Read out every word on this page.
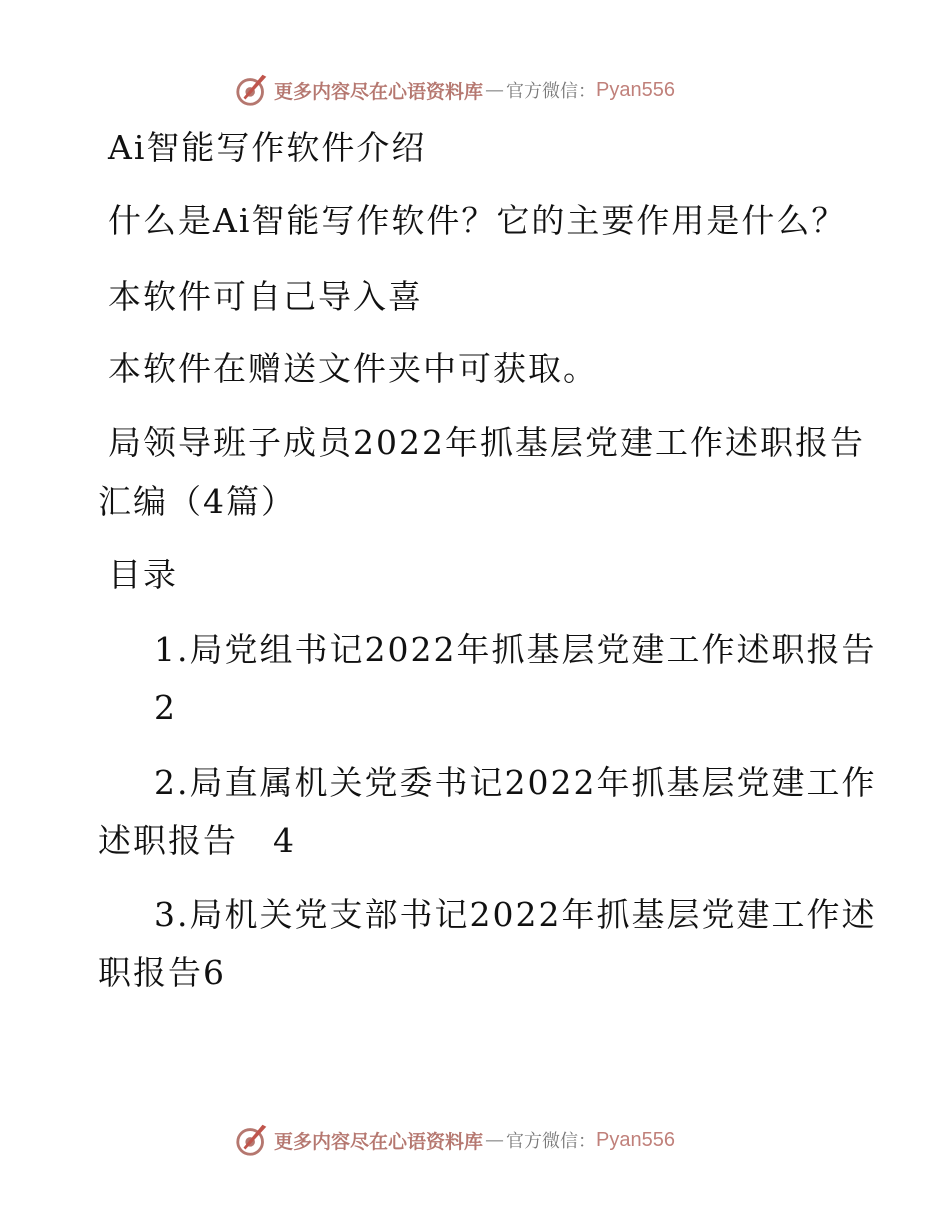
更多内容尽在心语资料库 — 官方微信： Pyan556

Ai智能写作软件介绍

什么是Ai智能写作软件？它的主要作用是什么？

本软件可自己导入喜

本软件在赠送文件夹中可获取。

局领导班子成员2022年抓基层党建工作述职报告

汇编（4篇）

目录

1.局党组书记2022年抓基层党建工作述职报告

2

2.局直属机关党委书记2022年抓基层党建工作

述职报告　4

3.局机关党支部书记2022年抓基层党建工作述

职报告6

更多内容尽在心语资料库 — 官方微信： Pyan556
